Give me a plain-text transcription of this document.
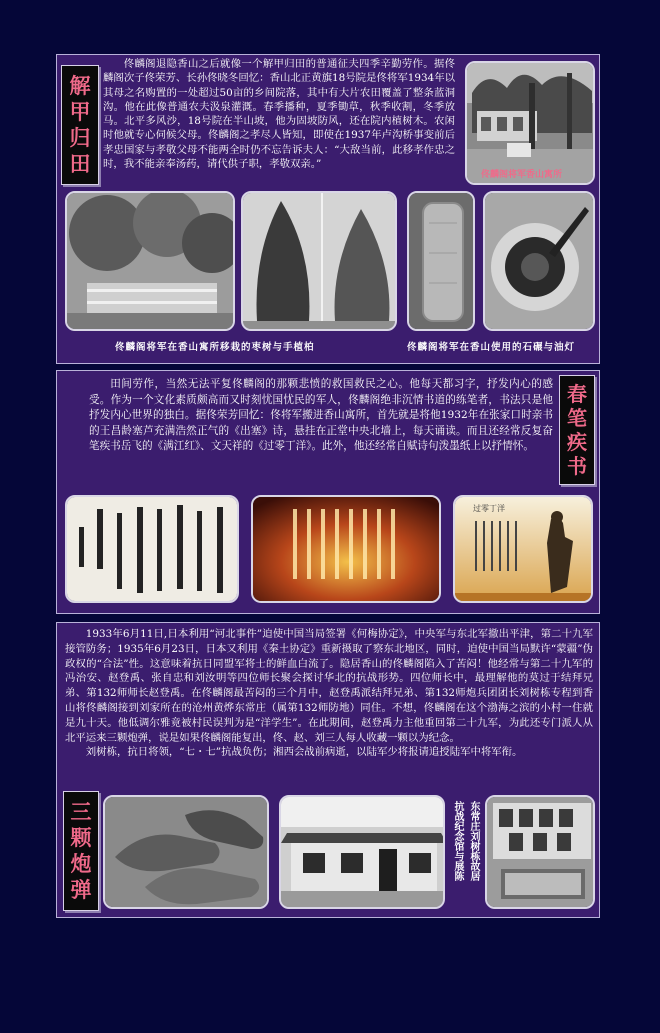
解
甲
归
田

佟麟阁退隐香山之后就像一个解甲归田的普通征夫四季辛勤劳作。据佟麟阁次子佟荣芳、长孙佟晓冬回忆：香山北正黄旗18号院是佟将军1934年以其母之名购置的一处超过50亩的乡间院落，其中有大片农田覆盖了整条蓝洞沟。他在此像普通农夫汲泉灌溉。春季播种，夏季锄草，秋季收割，冬季放马。北平多风沙，18号院在半山坡，他为固坡防风，还在院内植树木。农闲时他就专心伺候父母。佟麟阁之孝尽人皆知，即使在1937年卢沟桥事变前后孝忠国家与孝敬父母不能两全时仍不忘告诉夫人：“大敌当前，此移孝作忠之时，我不能亲奉汤药，请代供子职，孝敬双亲。”

佟麟阁将军香山寓所
佟麟阁将军在香山寓所移栽的枣树与手植柏	佟麟阁将军在香山使用的石碾与油灯

田间劳作，当然无法平复佟麟阁的那颗悲愤的救国救民之心。他每天都习字，抒发内心的感受。作为一个文化素质颇高而又时刻忧国忧民的军人，佟麟阁绝非沉情书道的练笔者，书法只是他抒发内心世界的独白。据佟荣芳回忆：佟将军搬进香山寓所，首先就是将他1932年在张家口时亲书的王昌龄塞芦充满浩然正气的《出塞》诗，悬挂在正堂中央北墙上，每天诵读。而且还经常反复奋笔疾书岳飞的《满江红》、文天祥的《过零丁洋》。此外，他还经常自赋诗句泼墨纸上以抒情怀。

春
笔
疾
书
过零丁洋

1933年6月11日,日本利用“河北事件”迫使中国当局签署《何梅协定》，中央军与东北军撤出平津，第二十九军接管防务；1935年6月23日，日本又利用《秦土协定》重新摄取了察东北地区，同时，迫使中国当局默许“蒙疆”伪政权的“合法”性。这意味着抗日同盟军将士的鲜血白流了。隐居香山的佟麟阁陷入了苦闷！他经常与第二十九军的冯治安、赵登禹、张自忠和刘汝明等四位师长聚会探讨华北的抗战形势。四位师长中，最理解他的莫过于结拜兄弟、第132师师长赵登禹。在佟麟阁最苦闷的三个月中，赵登禹派结拜兄弟、第132师炮兵团团长刘树栋专程到香山将佟麟阁接到刘家所在的沧州黄烨东常庄（属第132师防地）同住。不想，佟麟阁在这个渤海之滨的小村一住就是九十天。他低调尔雅竟被村民误判为是“洋学生”。在此期间，赵登禹力主他重回第二十九军，为此还专门派人从北平运来三颗炮弹，说是如果佟麟阁能复出，佟、赵、刘三人每人收藏一颗以为纪念。

刘树栋，抗日将领，“七・七”抗战负伤；湘西会战前病逝，以陆军少将报请追授陆军中将军衔。

三
颗
炮
弹
东常庄刘树栋故居
抗战纪念馆与展陈
